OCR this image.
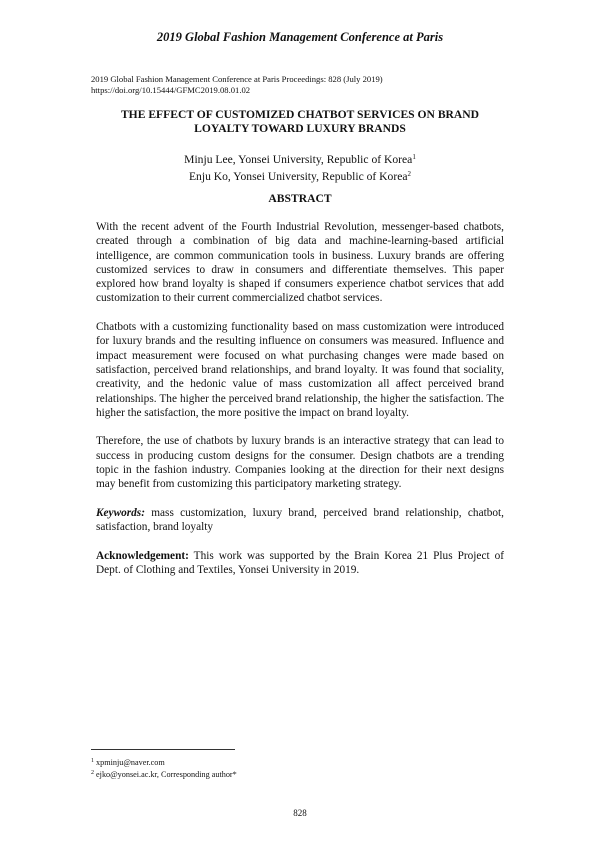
2019 Global Fashion Management Conference at Paris
2019 Global Fashion Management Conference at Paris Proceedings: 828 (July 2019)
https://doi.org/10.15444/GFMC2019.08.01.02
THE EFFECT OF CUSTOMIZED CHATBOT SERVICES ON BRAND
LOYALTY TOWARD LUXURY BRANDS
Minju Lee, Yonsei University, Republic of Korea$^1$
Enju Ko, Yonsei University, Republic of Korea$^2$
ABSTRACT

With the recent advent of the Fourth Industrial Revolution, messenger-based chatbots, created through a combination of big data and machine-learning-based artificial intelligence, are common communication tools in business. Luxury brands are offering customized services to draw in consumers and differentiate themselves. This paper explored how brand loyalty is shaped if consumers experience chatbot services that add customization to their current commercialized chatbot services.

Chatbots with a customizing functionality based on mass customization were introduced for luxury brands and the resulting influence on consumers was measured. Influence and impact measurement were focused on what purchasing changes were made based on satisfaction, perceived brand relationships, and brand loyalty. It was found that sociality, creativity, and the hedonic value of mass customization all affect perceived brand relationships. The higher the perceived brand relationship, the higher the satisfaction. The higher the satisfaction, the more positive the impact on brand loyalty.

Therefore, the use of chatbots by luxury brands is an interactive strategy that can lead to success in producing custom designs for the consumer. Design chatbots are a trending topic in the fashion industry. Companies looking at the direction for their next designs may benefit from customizing this participatory marketing strategy.

Keywords: mass customization, luxury brand, perceived brand relationship, chatbot, satisfaction, brand loyalty

Acknowledgement: This work was supported by the Brain Korea 21 Plus Project of Dept. of Clothing and Textiles, Yonsei University in 2019.

$^1$ xpminju@naver.com
$^2$ ejko@yonsei.ac.kr, Corresponding author*
828
